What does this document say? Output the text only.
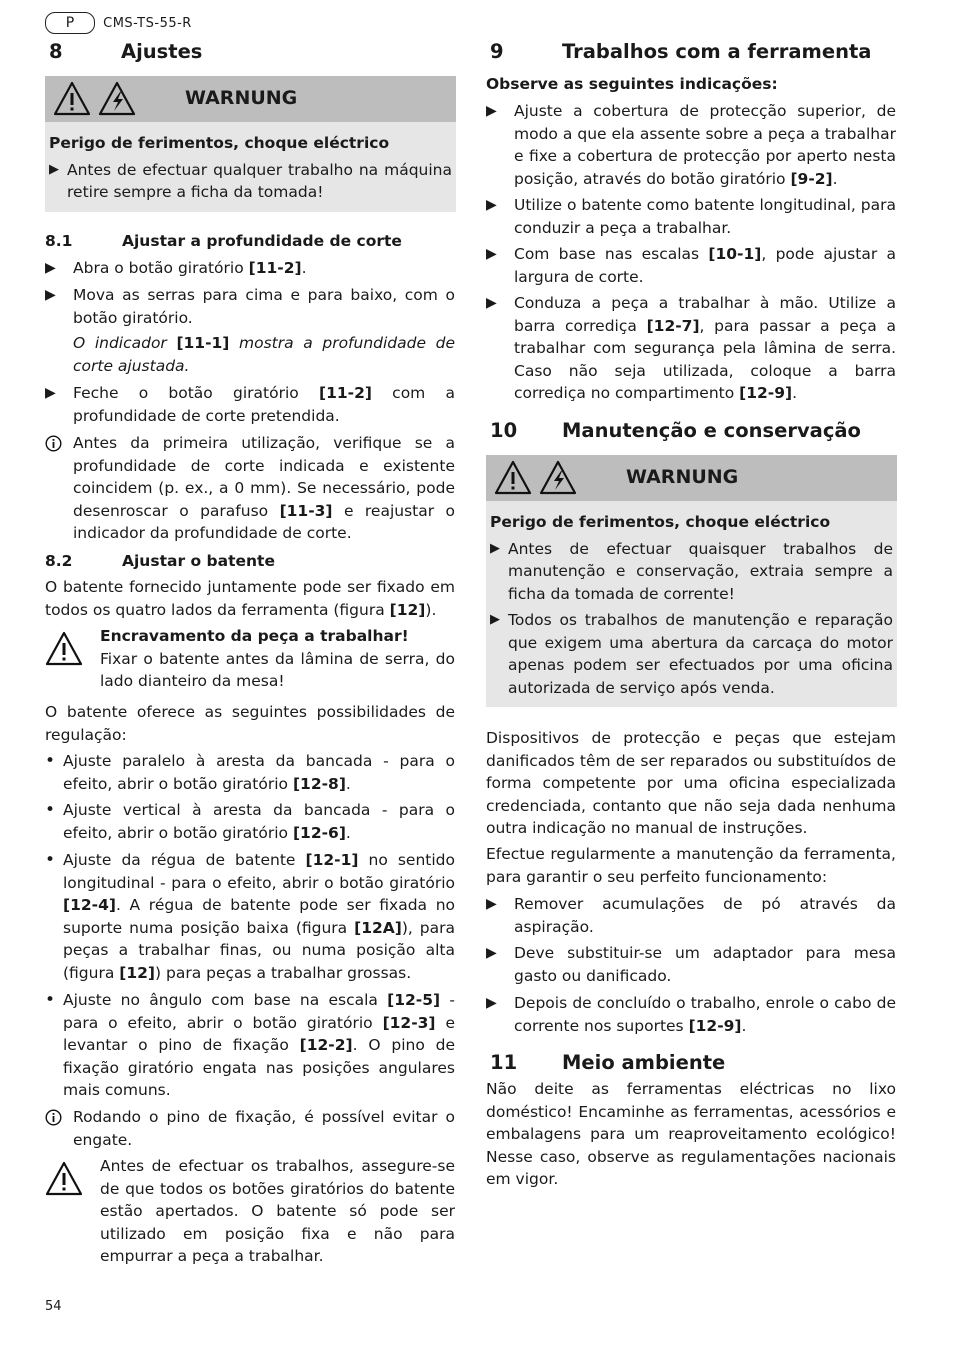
P CMS-TS-55-R
8	Ajustes
WARNUNG
Perigo de ferimentos, choque eléctrico
▶ Antes de efectuar qualquer trabalho na máquina retire sempre a ficha da tomada!
8.1	Ajustar a profundidade de corte
▶	Abra o botão giratório [11-2].
▶	Mova as serras para cima e para baixo, com o botão giratório.
O indicador [11-1] mostra a profundidade de corte ajustada.
▶	Feche o botão giratório [11-2] com a profundidade de corte pretendida.
Antes da primeira utilização, verifique se a profundidade de corte indicada e existente coincidem (p. ex., a 0 mm). Se necessário, pode desenroscar o parafuso [11-3] e reajustar o indicador da profundidade de corte.
8.2	Ajustar o batente
O batente fornecido juntamente pode ser fixado em todos os quatro lados da ferramenta (figura [12]).
Encravamento da peça a trabalhar!
Fixar o batente antes da lâmina de serra, do lado dianteiro da mesa!
O batente oferece as seguintes possibilidades de regulação:
• Ajuste paralelo à aresta da bancada - para o efeito, abrir o botão giratório [12-8].
• Ajuste vertical à aresta da bancada - para o efeito, abrir o botão giratório [12-6].
• Ajuste da régua de batente [12-1] no sentido longitudinal - para o efeito, abrir o botão giratório [12-4]. A régua de batente pode ser fixada no suporte numa posição baixa (figura [12A]), para peças a trabalhar finas, ou numa posição alta (figura [12]) para peças a trabalhar grossas.
• Ajuste no ângulo com base na escala [12-5] - para o efeito, abrir o botão giratório [12-3] e levantar o pino de fixação [12-2]. O pino de fixação giratório engata nas posições angulares mais comuns.
Rodando o pino de fixação, é possível evitar o engate.
Antes de efectuar os trabalhos, assegure-se de que todos os botões giratórios do batente estão apertados. O batente só pode ser utilizado em posição fixa e não para empurrar a peça a trabalhar.
54
9	Trabalhos com a ferramenta
Observe as seguintes indicações:
▶	Ajuste a cobertura de protecção superior, de modo a que ela assente sobre a peça a trabalhar e fixe a cobertura de protecção por aperto nesta posição, através do botão giratório [9-2].
▶	Utilize o batente como batente longitudinal, para conduzir a peça a trabalhar.
▶	Com base nas escalas [10-1], pode ajustar a largura de corte.
▶	Conduza a peça a trabalhar à mão. Utilize a barra corrediça [12-7], para passar a peça a trabalhar com segurança pela lâmina de serra. Caso não seja utilizada, coloque a barra corrediça no compartimento [12-9].
10 Manutenção e conservação
WARNUNG
Perigo de ferimentos, choque eléctrico
▶ Antes de efectuar quaisquer trabalhos de manutenção e conservação, extraia sempre a ficha da tomada de corrente!
▶ Todos os trabalhos de manutenção e reparação que exigem uma abertura da carcaça do motor apenas podem ser efectuados por uma oficina autorizada de serviço após venda.
Dispositivos de protecção e peças que estejam danificados têm de ser reparados ou substituídos de forma competente por uma oficina especializada credenciada, contanto que não seja dada nenhuma outra indicação no manual de instruções.
Efectue regularmente a manutenção da ferramenta, para garantir o seu perfeito funcionamento:
▶	Remover acumulações de pó através da aspiração.
▶	Deve substituir-se um adaptador para mesa gasto ou danificado.
▶	Depois de concluído o trabalho, enrole o cabo de corrente nos suportes [12-9].
11 Meio ambiente
Não deite as ferramentas eléctricas no lixo doméstico! Encaminhe as ferramentas, acessórios e embalagens para um reaproveitamento ecológico! Nesse caso, observe as regulamentações nacionais em vigor.
